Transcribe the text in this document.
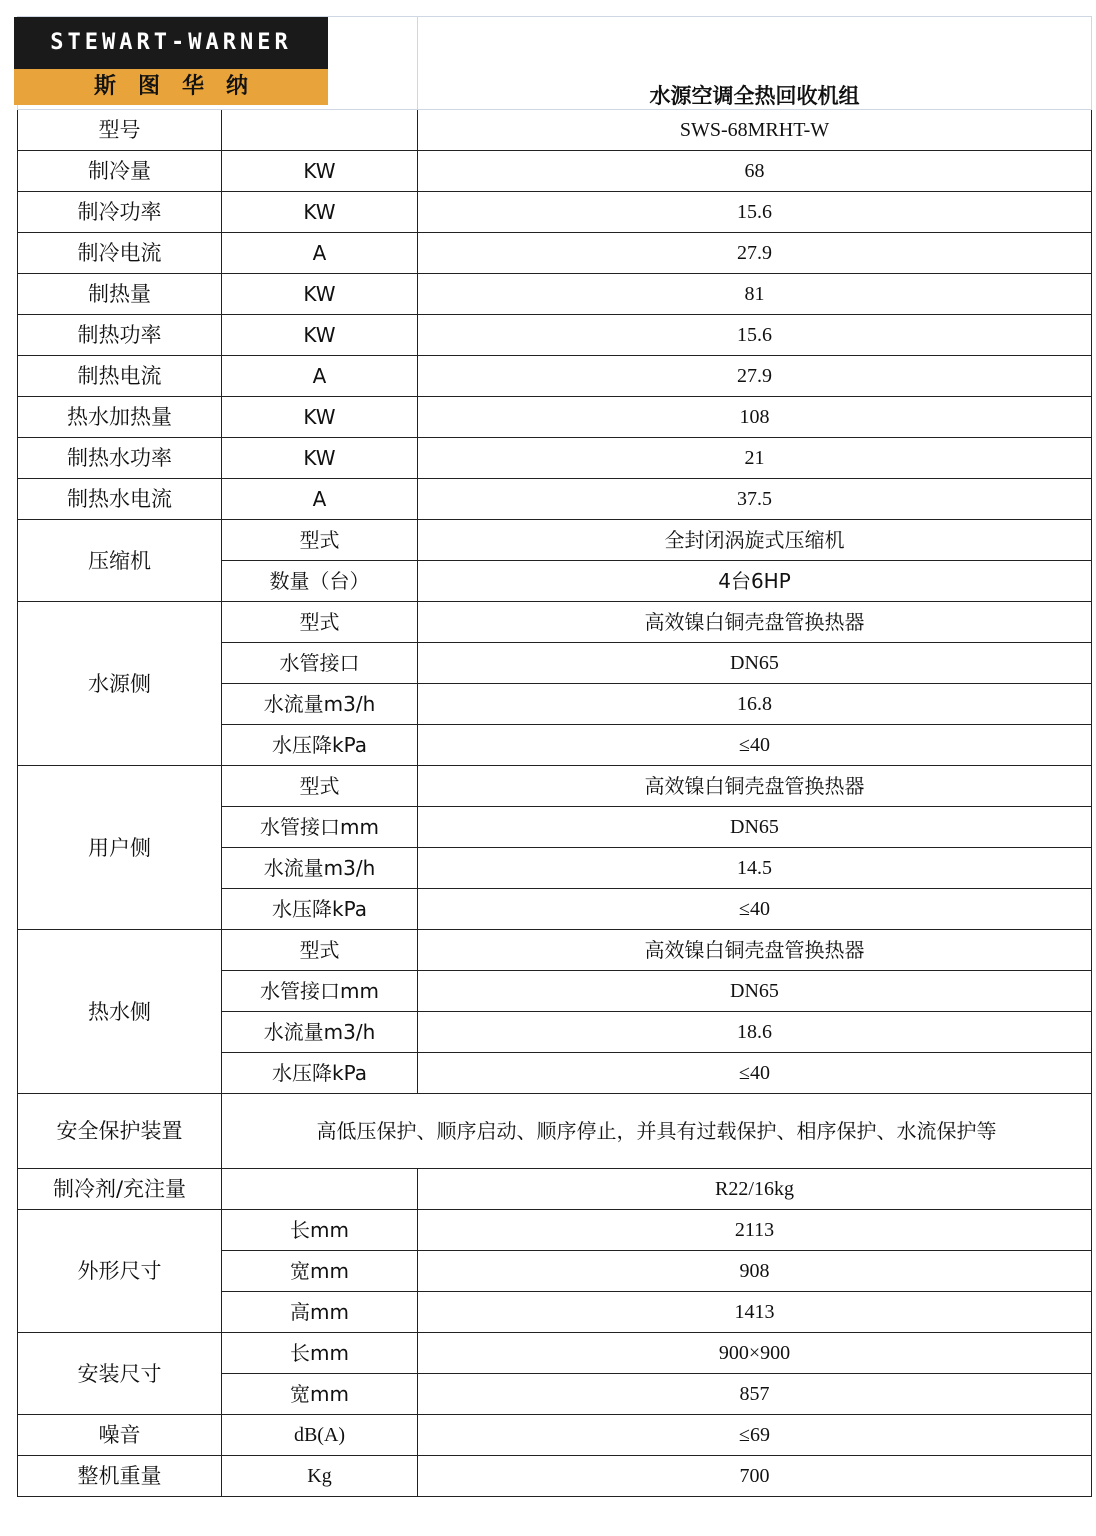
STEWART-WARNER
斯图华纳		水源空调全热回收机组
型号		SWS-68MRHT-W
制冷量	KW	68
制冷功率	KW	15.6
制冷电流	A	27.9
制热量	KW	81
制热功率	KW	15.6
制热电流	A	27.9
热水加热量	KW	108
制热水功率	KW	21
制热水电流	A	37.5
压缩机	型式	全封闭涡旋式压缩机
	数量（台）	4台6HP
水源侧	型式	高效镍白铜壳盘管换热器
	水管接口	DN65
	水流量m3/h	16.8
	水压降kPa	≤40
用户侧	型式	高效镍白铜壳盘管换热器
	水管接口mm	DN65
	水流量m3/h	14.5
	水压降kPa	≤40
热水侧	型式	高效镍白铜壳盘管换热器
	水管接口mm	DN65
	水流量m3/h	18.6
	水压降kPa	≤40
安全保护装置	高低压保护、顺序启动、顺序停止，并具有过载保护、相序保护、水流保护等	
制冷剂/充注量		R22/16kg
外形尺寸	长mm	2113
	宽mm	908
	高mm	1413
安装尺寸	长mm	900×900
	宽mm	857
噪音	dB(A)	≤69
整机重量	Kg	700
